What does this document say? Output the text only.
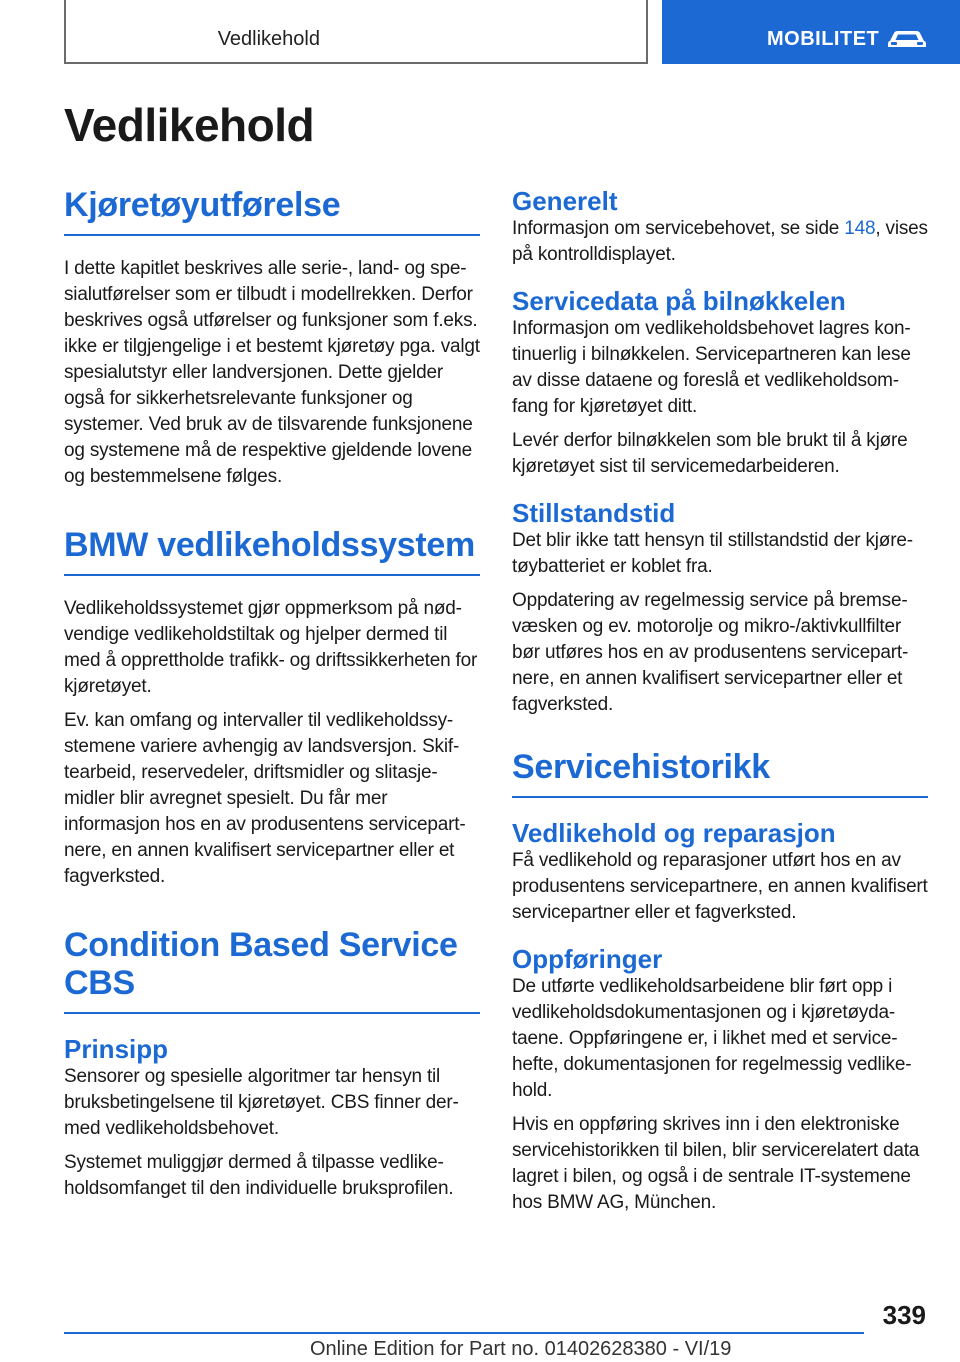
Vedlikehold	MOBILITET
Vedlikehold
Kjøretøyutførelse

I dette kapitlet beskrives alle serie-, land- og spesialutførelser som er tilbudt i modellrekken. Derfor beskrives også utførelser og funksjoner som f.eks. ikke er tilgjengelige i et bestemt kjøretøy pga. valgt spesialutstyr eller landversjonen. Dette gjelder også for sikkerhetsrelevante funksjoner og systemer. Ved bruk av de tilsvarende funksjonene og systemene må de respektive gjeldende lovene og bestemmelsene følges.

BMW vedlikeholdssystem

Vedlikeholdssystemet gjør oppmerksom på nødvendige vedlikeholdstiltak og hjelper dermed til med å opprettholde trafikk- og driftssikkerheten for kjøretøyet.

Ev. kan omfang og intervaller til vedlikeholdssystemene variere avhengig av landsversjon. Skiftearbeid, reservedeler, driftsmidler og slitasjemidler blir avregnet spesielt. Du får mer informasjon hos en av produsentens servicepartnere, en annen kvalifisert servicepartner eller et fagverksted.

Condition Based Service CBS
Prinsipp

Sensorer og spesielle algoritmer tar hensyn til bruksbetingelsene til kjøretøyet. CBS finner dermed vedlikeholdsbehovet.

Systemet muliggjør dermed å tilpasse vedlikeholdsomfanget til den individuelle bruksprofilen.

Generelt

Informasjon om servicebehovet, se side 148, vises på kontrolldisplayet.

Servicedata på bilnøkkelen

Informasjon om vedlikeholdsbehovet lagres kontinuerlig i bilnøkkelen. Servicepartneren kan lese av disse dataene og foreslå et vedlikeholdsomfang for kjøretøyet ditt.

Levér derfor bilnøkkelen som ble brukt til å kjøre kjøretøyet sist til servicemedarbeideren.

Stillstandstid

Det blir ikke tatt hensyn til stillstandstid der kjøretøybatteriet er koblet fra.

Oppdatering av regelmessig service på bremsevæsken og ev. motorolje og mikro-/aktivkullfilter bør utføres hos en av produsentens servicepartnere, en annen kvalifisert servicepartner eller et fagverksted.

Servicehistorikk
Vedlikehold og reparasjon

Få vedlikehold og reparasjoner utført hos en av produsentens servicepartnere, en annen kvalifisert servicepartner eller et fagverksted.

Oppføringer

De utførte vedlikeholdsarbeidene blir ført opp i vedlikeholdsdokumentasjonen og i kjøretøydataene. Oppføringene er, i likhet med et servicehefte, dokumentasjonen for regelmessig vedlikehold.

Hvis en oppføring skrives inn i den elektroniske servicehistorikken til bilen, blir servicerelatert data lagret i bilen, og også i de sentrale IT-systemene hos BMW AG, München.

339
Online Edition for Part no. 01402628380 - VI/19
